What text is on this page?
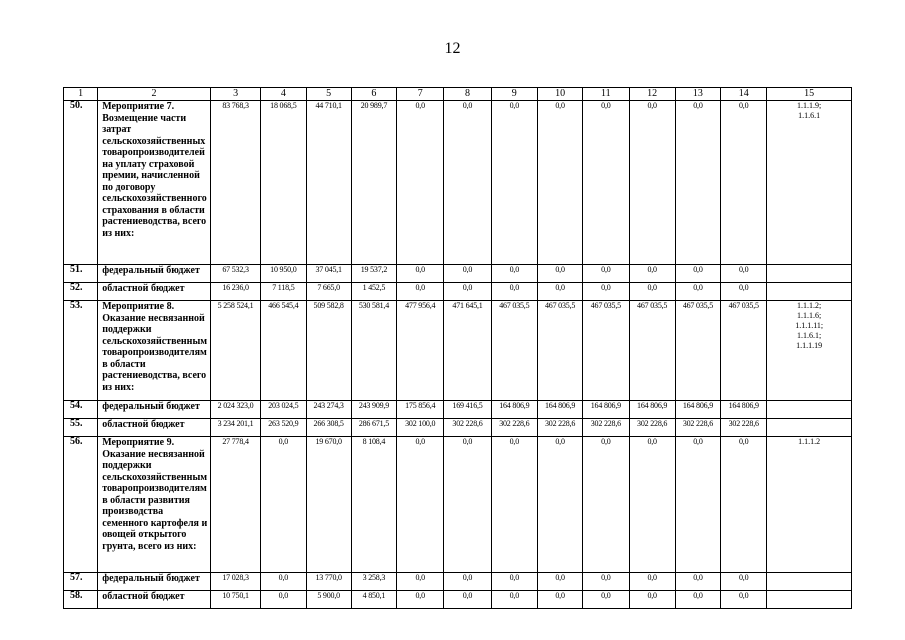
12
1	2	3	4	5	6	7	8	9	10	11	12	13	14	15
50.	Мероприятие 7. Возмещение части затрат сельскохозяйственных товаропроизводителей на уплату страховой премии, начисленной по договору сельскохозяйственного страхования в области растениеводства, всего из них:	83 768,3	18 068,5	44 710,1	20 989,7	0,0	0,0	0,0	0,0	0,0	0,0	0,0	0,0	1.1.1.9;
1.1.6.1

51.	федеральный бюджет	67 532,3	10 950,0	37 045,1	19 537,2	0,0	0,0	0,0	0,0	0,0	0,0	0,0	0,0	
52.	областной бюджет	16 236,0	7 118,5	7 665,0	1 452,5	0,0	0,0	0,0	0,0	0,0	0,0	0,0	0,0	
53.	Мероприятие 8. Оказание несвязанной поддержки сельскохозяйственным товаропроизводителям в области растениеводства, всего из них:	5 258 524,1	466 545,4	509 582,8	530 581,4	477 956,4	471 645,1	467 035,5	467 035,5	467 035,5	467 035,5	467 035,5	467 035,5	1.1.1.2;
1.1.1.6;
1.1.1.11;
1.1.6.1;
1.1.1.19

54.	федеральный бюджет	2 024 323,0	203 024,5	243 274,3	243 909,9	175 856,4	169 416,5	164 806,9	164 806,9	164 806,9	164 806,9	164 806,9	164 806,9	
55.	областной бюджет	3 234 201,1	263 520,9	266 308,5	286 671,5	302 100,0	302 228,6	302 228,6	302 228,6	302 228,6	302 228,6	302 228,6	302 228,6	
56.	Мероприятие 9. Оказание несвязанной поддержки сельскохозяйственным товаропроизводителям в области развития производства семенного картофеля и овощей открытого грунта, всего из них:	27 778,4	0,0	19 670,0	8 108,4	0,0	0,0	0,0	0,0	0,0	0,0	0,0	0,0	1.1.1.2

57.	федеральный бюджет	17 028,3	0,0	13 770,0	3 258,3	0,0	0,0	0,0	0,0	0,0	0,0	0,0	0,0	
58.	областной бюджет	10 750,1	0,0	5 900,0	4 850,1	0,0	0,0	0,0	0,0	0,0	0,0	0,0	0,0	
